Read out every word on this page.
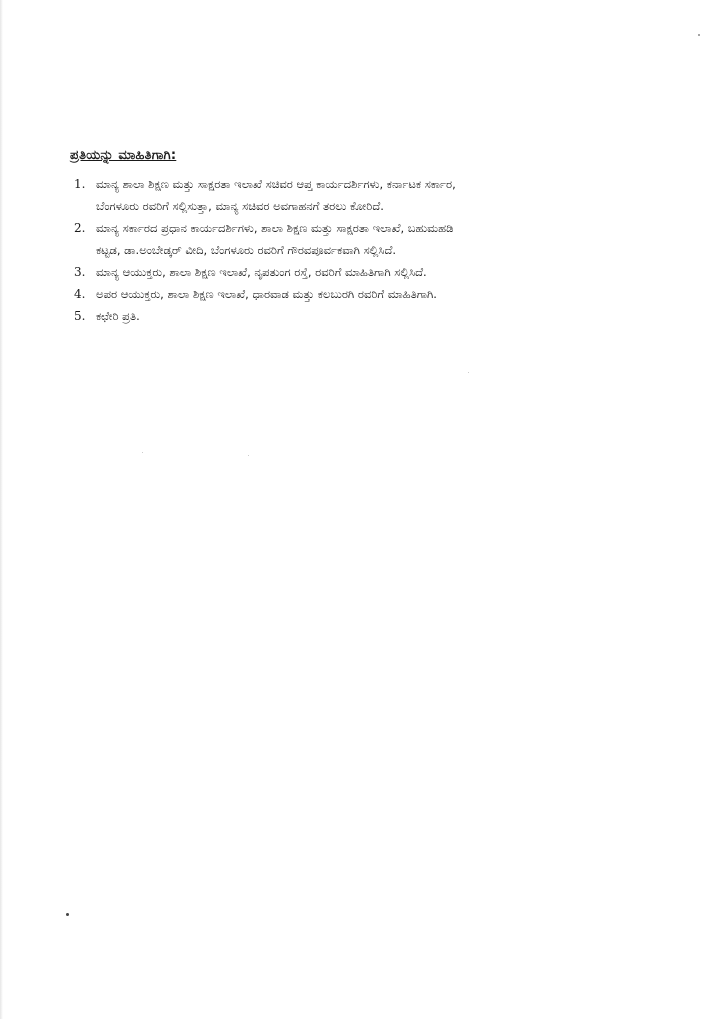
ಪ್ರತಿಯನ್ನು ಮಾಹಿತಿಗಾಗಿ:
1. ಮಾನ್ಯ ಶಾಲಾ ಶಿಕ್ಷಣ ಮತ್ತು ಸಾಕ್ಷರತಾ ಇಲಾಖೆ ಸಚಿವರ ಆಪ್ತ ಕಾರ್ಯದರ್ಶಿಗಳು, ಕರ್ನಾಟಕ ಸರ್ಕಾರ,
ಬೆಂಗಳೂರು ರವರಿಗೆ ಸಲ್ಲಿಸುತ್ತಾ, ಮಾನ್ಯ ಸಚಿವರ ಅವಗಾಹನಗೆ ತರಲು ಕೋರಿದೆ.
2. ಮಾನ್ಯ ಸರ್ಕಾರದ ಪ್ರಧಾನ ಕಾರ್ಯದರ್ಶಿಗಳು, ಶಾಲಾ ಶಿಕ್ಷಣ ಮತ್ತು ಸಾಕ್ಷರತಾ ಇಲಾಖೆ, ಬಹುಮಹಡಿ
ಕಟ್ಟಡ, ಡಾ.ಅಂಬೇಡ್ಕರ್ ವೀದಿ, ಬೆಂಗಳೂರು ರವರಿಗೆ ಗೌರವಪೂರ್ವಕವಾಗಿ ಸಲ್ಲಿಸಿದೆ.
3. ಮಾನ್ಯ ಆಯುಕ್ತರು, ಶಾಲಾ ಶಿಕ್ಷಣ ಇಲಾಖೆ, ನೃಪತುಂಗ ರಸ್ತೆ, ರವರಿಗೆ ಮಾಹಿತಿಗಾಗಿ ಸಲ್ಲಿಸಿದೆ.
4. ಅಪರ ಆಯುಕ್ತರು, ಶಾಲಾ ಶಿಕ್ಷಣ ಇಲಾಖೆ, ಧಾರವಾಡ ಮತ್ತು ಕಲಬುರಗಿ ರವರಿಗೆ ಮಾಹಿತಿಗಾಗಿ.
5. ಕಛೇರಿ ಪ್ರತಿ.
